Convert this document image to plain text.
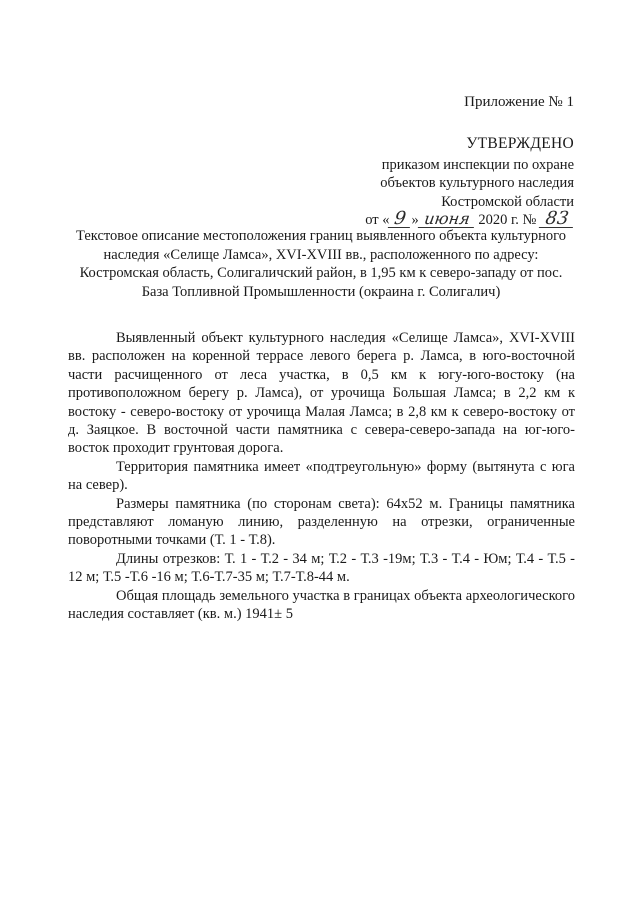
Приложение № 1
УТВЕРЖДЕНО
приказом инспекции по охране
объектов культурного наследия
Костромской области
от « 9 » июня 2020 г. № 83
Текстовое описание местоположения границ выявленного объекта культурного наследия «Селище Ламса», XVI-XVIII вв., расположенного по адресу: Костромская область, Солигаличский район, в 1,95 км к северо-западу от пос. База Топливной Промышленности (окраина г. Солигалич)

Выявленный объект культурного наследия «Селище Ламса», XVI-XVIII вв. расположен на коренной террасе левого берега р. Ламса, в юго-восточной части расчищенного от леса участка, в 0,5 км к югу-юго-востоку (на противоположном берегу р. Ламса), от урочища Большая Ламса; в 2,2 км к востоку - северо-востоку от урочища Малая Ламса; в 2,8 км к северо-востоку от д. Заяцкое. В восточной части памятника с севера-северо-запада на юг-юго-восток проходит грунтовая дорога.

Территория памятника имеет «подтреугольную» форму (вытянута с юга на север).

Размеры памятника (по сторонам света): 64х52 м. Границы памятника представляют ломаную линию, разделенную на отрезки, ограниченные поворотными точками (Т. 1 - Т.8).

Длины отрезков: Т. 1 - Т.2 - 34 м; Т.2 - Т.3 -19м; Т.3 - Т.4 - Юм; Т.4 - Т.5 - 12 м; Т.5 -Т.6 -16 м; Т.6-Т.7-35 м; Т.7-Т.8-44 м.

Общая площадь земельного участка в границах объекта археологического наследия составляет (кв. м.) 1941± 5
